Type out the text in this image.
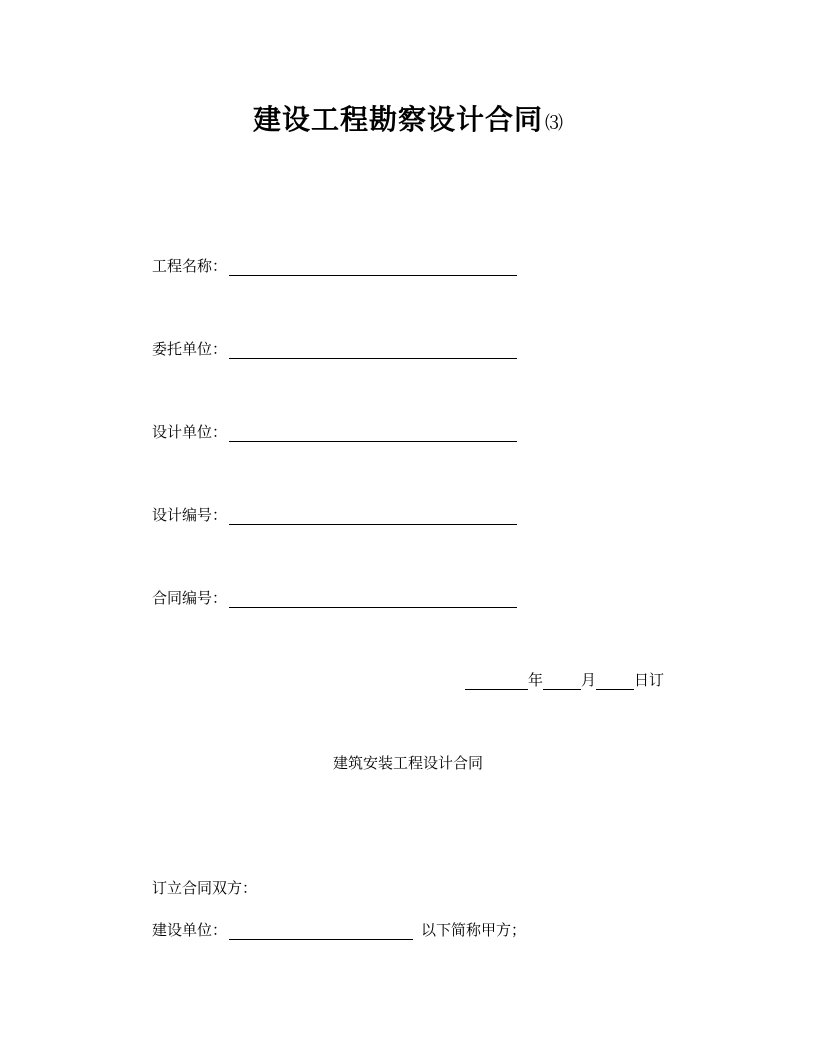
建设工程勘察设计合同 ⑶
工程名称：
委托单位：
设计单位：
设计编号：
合同编号：
年	月	日订
建筑安装工程设计合同
订立合同双方：
建设单位：	以下简称甲方；
